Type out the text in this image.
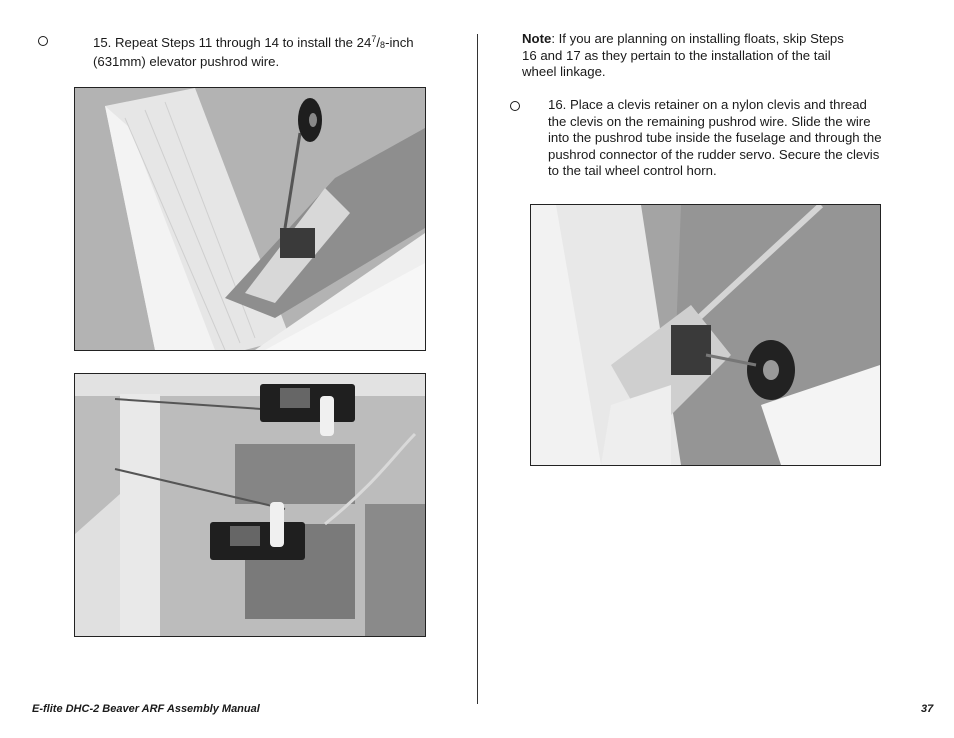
15. Repeat Steps 11 through 14 to install the $24^7/_8$-inch
(631mm) elevator pushrod wire.
Note: If you are planning on installing floats, skip Steps
16 and 17 as they pertain to the installation of the tail
wheel linkage.
16. Place a clevis retainer on a nylon clevis and thread
the clevis on the remaining pushrod wire. Slide the wire
into the pushrod tube inside the fuselage and through the
pushrod connector of the rudder servo. Secure the clevis
to the tail wheel control horn.
E-flite DHC-2 Beaver ARF Assembly Manual	37
